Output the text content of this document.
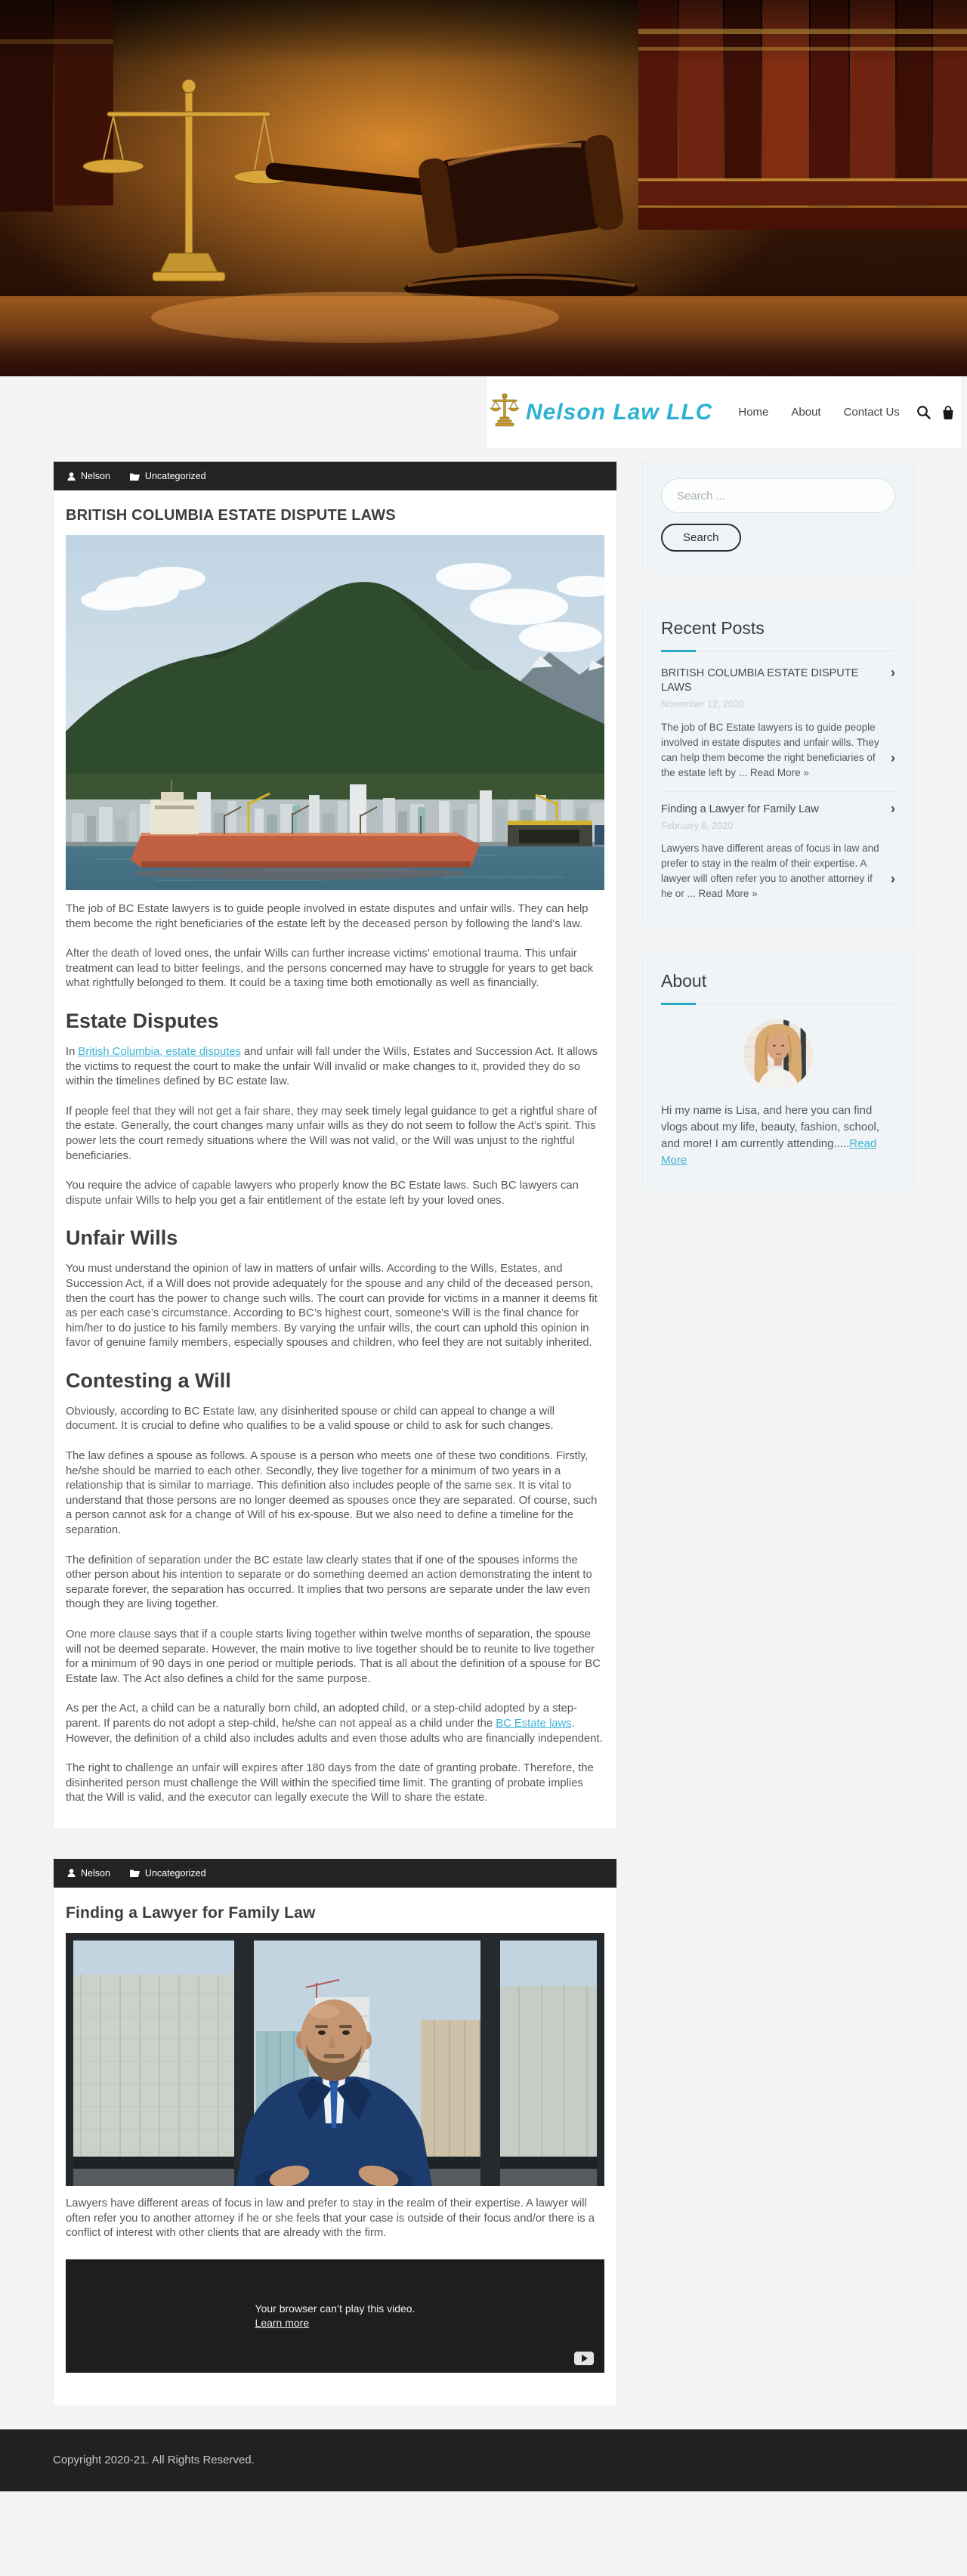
Nelson Law LLC Home About Contact Us
Nelson	Uncategorized
BRITISH COLUMBIA ESTATE DISPUTE LAWS

The job of BC Estate lawyers is to guide people involved in estate disputes and unfair wills. They can help them become the right beneficiaries of the estate left by the deceased person by following the land’s law.

After the death of loved ones, the unfair Wills can further increase victims’ emotional trauma. This unfair treatment can lead to bitter feelings, and the persons concerned may have to struggle for years to get back what rightfully belonged to them. It could be a taxing time both emotionally as well as financially.

Estate Disputes

In British Columbia, estate disputes and unfair will fall under the Wills, Estates and Succession Act. It allows the victims to request the court to make the unfair Will invalid or make changes to it, provided they do so within the timelines defined by BC estate law.

If people feel that they will not get a fair share, they may seek timely legal guidance to get a rightful share of the estate. Generally, the court changes many unfair wills as they do not seem to follow the Act’s spirit. This power lets the court remedy situations where the Will was not valid, or the Will was unjust to the rightful beneficiaries.

You require the advice of capable lawyers who properly know the BC Estate laws. Such BC lawyers can dispute unfair Wills to help you get a fair entitlement of the estate left by your loved ones.

Unfair Wills

You must understand the opinion of law in matters of unfair wills. According to the Wills, Estates, and Succession Act, if a Will does not provide adequately for the spouse and any child of the deceased person, then the court has the power to change such wills. The court can provide for victims in a manner it deems fit as per each case’s circumstance. According to BC’s highest court, someone’s Will is the final chance for him/her to do justice to his family members. By varying the unfair wills, the court can uphold this opinion in favor of genuine family members, especially spouses and children, who feel they are not suitably inherited.

Contesting a Will

Obviously, according to BC Estate law, any disinherited spouse or child can appeal to change a will document. It is crucial to define who qualifies to be a valid spouse or child to ask for such changes.

The law defines a spouse as follows. A spouse is a person who meets one of these two conditions. Firstly, he/she should be married to each other. Secondly, they live together for a minimum of two years in a relationship that is similar to marriage. This definition also includes people of the same sex. It is vital to understand that those persons are no longer deemed as spouses once they are separated. Of course, such a person cannot ask for a change of Will of his ex-spouse. But we also need to define a timeline for the separation.

The definition of separation under the BC estate law clearly states that if one of the spouses informs the other person about his intention to separate or do something deemed an action demonstrating the intent to separate forever, the separation has occurred. It implies that two persons are separate under the law even though they are living together.

One more clause says that if a couple starts living together within twelve months of separation, the spouse will not be deemed separate. However, the main motive to live together should be to reunite to live together for a minimum of 90 days in one period or multiple periods. That is all about the definition of a spouse for BC Estate law. The Act also defines a child for the same purpose.

As per the Act, a child can be a naturally born child, an adopted child, or a step-child adopted by a step-parent. If parents do not adopt a step-child, he/she can not appeal as a child under the BC Estate laws. However, the definition of a child also includes adults and even those adults who are financially independent.

The right to challenge an unfair will expires after 180 days from the date of granting probate. Therefore, the disinherited person must challenge the Will within the specified time limit. The granting of probate implies that the Will is valid, and the executor can legally execute the Will to share the estate.

Nelson	Uncategorized
Finding a Lawyer for Family Law

Lawyers have different areas of focus in law and prefer to stay in the realm of their expertise. A lawyer will often refer you to another attorney if he or she feels that your case is outside of their focus and/or there is a conflict of interest with other clients that are already with the firm.

Your browser can’t play this video.
Learn more
Search ... Search
Recent Posts
BRITISH COLUMBIA ESTATE DISPUTE LAWS
›
November 12, 2020

The job of BC Estate lawyers is to guide people involved in estate disputes and unfair wills. They can help them become the right beneficiaries of the estate left by ... Read More »
›

Finding a Lawyer for Family Law	›
February 6, 2020

Lawyers have different areas of focus in law and prefer to stay in the realm of their expertise. A lawyer will often refer you to another attorney if he or ... Read More »
›

About

Hi my name is Lisa, and here you can find vlogs about my life, beauty, fashion, school, and more! I am currently attending.....Read More

Copyright 2020-21. All Rights Reserved.
